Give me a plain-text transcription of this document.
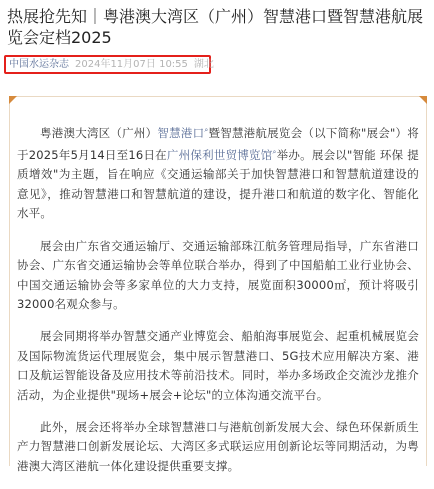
热展抢先知｜粤港澳大湾区（广州）智慧港口暨智慧港航展览会定档2025
中国水运杂志 2024年11月07日 10:55 湖北

粤港澳大湾区（广州）智慧港口⌕暨智慧港航展览会（以下简称"展会"）将于2025年5月14日至16日在广州保利世贸博览馆⌕举办。展会以"智能 环保 提质增效"为主题，旨在响应《交通运输部关于加快智慧港口和智慧航道建设的意见》，推动智慧港口和智慧航道的建设，提升港口和航道的数字化、智能化水平。

展会由广东省交通运输厅、交通运输部珠江航务管理局指导，广东省港口协会、广东省交通运输协会等单位联合举办，得到了中国船舶工业行业协会、中国交通运输协会等多家单位的大力支持，展览面积30000㎡，预计将吸引32000名观众参与。

展会同期将举办智慧交通产业博览会、船舶海事展览会、起重机械展览会及国际物流货运代理展览会，集中展示智慧港口、5G技术应用解决方案、港口及航运智能设备及应用技术等前沿技术。同时，举办多场政企交流沙龙推介活动，为企业提供"现场+展会+论坛"的立体沟通交流平台。

此外，展会还将举办全球智慧港口与港航创新发展大会、绿色环保新质生产力智慧港口创新发展论坛、大湾区多式联运应用创新论坛等同期活动，为粤港澳大湾区港航一体化建设提供重要支撑。
